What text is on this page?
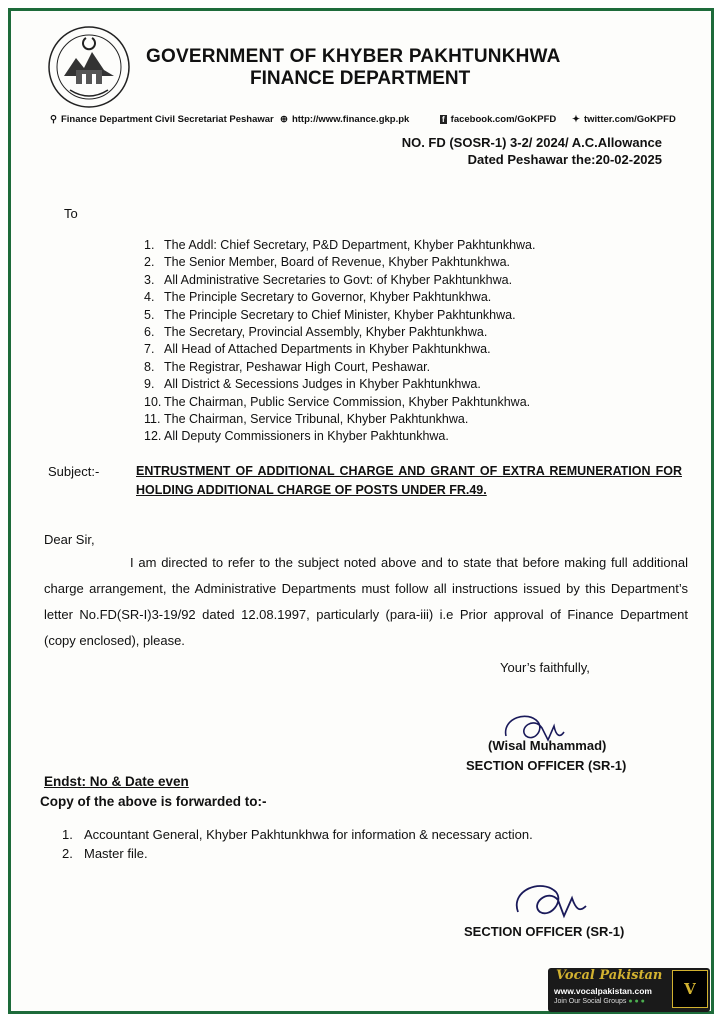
GOVERNMENT OF KHYBER PAKHTUNKHWA
FINANCE DEPARTMENT
⚲ Finance Department Civil Secretariat Peshawar ⊕ http://www.finance.gkp.pk	f facebook.com/GoKPFD ✦ twitter.com/GoKPFD
NO. FD (SOSR-1) 3-2/ 2024/ A.C.Allowance
Dated Peshawar the:20-02-2025
To
1. The Addl: Chief Secretary, P&D Department, Khyber Pakhtunkhwa.
2. The Senior Member, Board of Revenue, Khyber Pakhtunkhwa.
3. All Administrative Secretaries to Govt: of Khyber Pakhtunkhwa.
4. The Principle Secretary to Governor, Khyber Pakhtunkhwa.
5. The Principle Secretary to Chief Minister, Khyber Pakhtunkhwa.
6. The Secretary, Provincial Assembly, Khyber Pakhtunkhwa.
7. All Head of Attached Departments in Khyber Pakhtunkhwa.
8. The Registrar, Peshawar High Court, Peshawar.
9. All District & Secessions Judges in Khyber Pakhtunkhwa.
10. The Chairman, Public Service Commission, Khyber Pakhtunkhwa.
11. The Chairman, Service Tribunal, Khyber Pakhtunkhwa.
12. All Deputy Commissioners in Khyber Pakhtunkhwa.
Subject:-	ENTRUSTMENT OF ADDITIONAL CHARGE AND GRANT OF EXTRA REMUNERATION FOR HOLDING ADDITIONAL CHARGE OF POSTS UNDER FR.49.
Dear Sir,
I am directed to refer to the subject noted above and to state that before making full additional charge arrangement, the Administrative Departments must follow all instructions issued by this Department’s letter No.FD(SR-I)3-19/92 dated 12.08.1997, particularly (para-iii) i.e Prior approval of Finance Department (copy enclosed), please.
Your’s faithfully,
(Wisal Muhammad)
SECTION OFFICER (SR-1)
Endst: No & Date even
Copy of the above is forwarded to:-
1. Accountant General, Khyber Pakhtunkhwa for information & necessary action.
2. Master file.
SECTION OFFICER (SR-1)
Vocal Pakistan
www.vocalpakistan.com
Join Our Social Groups ● ● ●
V
